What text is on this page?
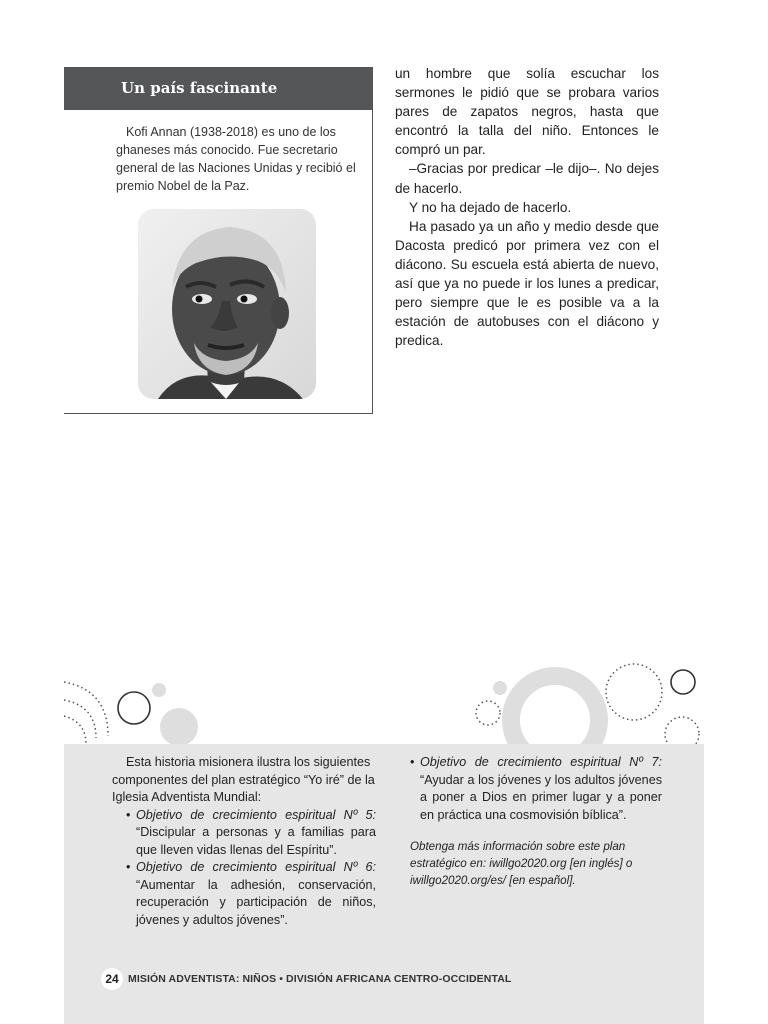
Un país fascinante

Kofi Annan (1938-2018) es uno de los ghaneses más conocido. Fue secretario general de las Naciones Unidas y recibió el premio Nobel de la Paz.

un hombre que solía escuchar los sermones le pidió que se probara varios pares de zapatos negros, hasta que encontró la talla del niño. Entonces le compró un par.

–Gracias por predicar –le dijo–. No dejes de hacerlo.

Y no ha dejado de hacerlo.

Ha pasado ya un año y medio desde que Dacosta predicó por primera vez con el diácono. Su escuela está abierta de nuevo, así que ya no puede ir los lunes a predicar, pero siempre que le es posible va a la estación de autobuses con el diácono y predica.

Esta historia misionera ilustra los siguientes componentes del plan estratégico “Yo iré” de la Iglesia Adventista Mundial:

• Objetivo de crecimiento espiritual Nº 5: “Discipular a personas y a familias para que lleven vidas llenas del Espíritu”.
• Objetivo de crecimiento espiritual Nº 6: “Aumentar la adhesión, conservación, recuperación y participación de niños, jóvenes y adultos jóvenes”.
• Objetivo de crecimiento espiritual Nº 7: “Ayudar a los jóvenes y los adultos jóvenes a poner a Dios en primer lugar y a poner en práctica una cosmovisión bíblica”.

Obtenga más información sobre este plan estratégico en: iwillgo2020.org [en inglés] o iwillgo2020.org/es/ [en español].

24 MISIÓN ADVENTISTA: NIÑOS • DIVISIÓN AFRICANA CENTRO-OCCIDENTAL
